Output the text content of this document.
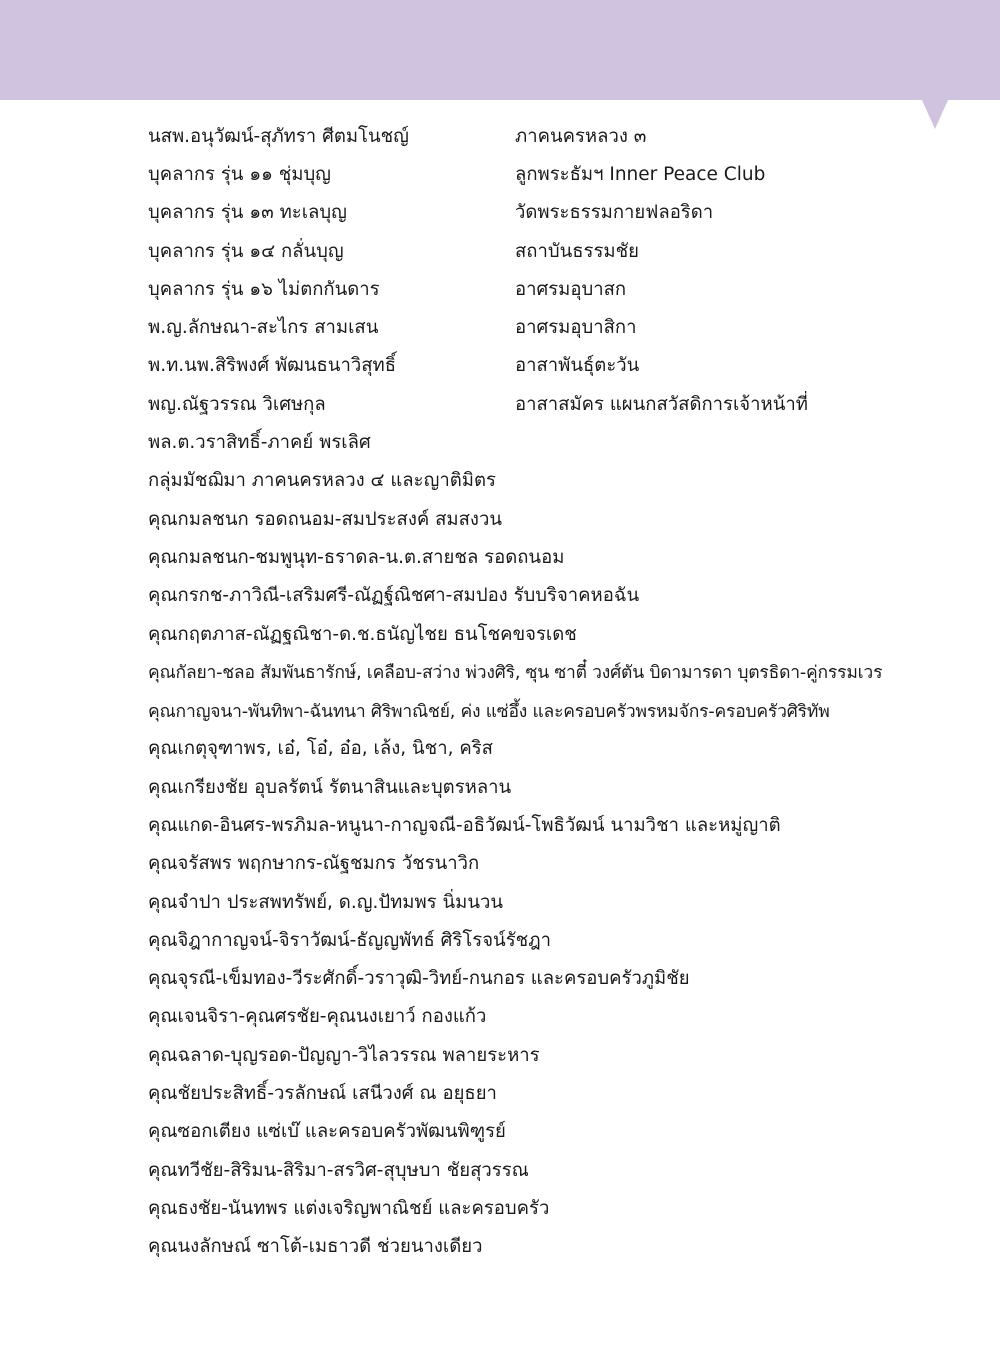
นสพ.อนุวัฒน์-สุภัทรา ศีตมโนชญ์	ภาคนครหลวง ๓
บุคลากร รุ่น ๑๑ ชุ่มบุญ	ลูกพระธัมฯ Inner Peace Club
บุคลากร รุ่น ๑๓ ทะเลบุญ	วัดพระธรรมกายฟลอริดา
บุคลากร รุ่น ๑๔ กลั่นบุญ	สถาบันธรรมชัย
บุคลากร รุ่น ๑๖ ไม่ตกกันดาร	อาศรมอุบาสก
พ.ญ.ลักษณา-สะไกร สามเสน	อาศรมอุบาสิกา
พ.ท.นพ.สิริพงศ์ พัฒนธนาวิสุทธิ์	อาสาพันธุ์ตะวัน
พญ.ณัฐวรรณ วิเศษกุล	อาสาสมัคร แผนกสวัสดิการเจ้าหน้าที่
พล.ต.วราสิทธิ์-ภาคย์ พรเลิศ
กลุ่มมัชฌิมา ภาคนครหลวง ๔ และญาติมิตร
คุณกมลชนก รอดถนอม-สมประสงค์ สมสงวน
คุณกมลชนก-ชมพูนุท-ธราดล-น.ต.สายชล รอดถนอม
คุณกรกช-ภาวิณี-เสริมศรี-ณัฏฐ์ณิชศา-สมปอง รับบริจาคหอฉัน
คุณกฤตภาส-ณัฏฐณิชา-ด.ช.ธนัญไชย ธนโชคขจรเดช
คุณกัลยา-ชลอ สัมพันธารักษ์, เคลือบ-สว่าง พ่วงศิริ, ซุน ซาตี๋ วงศ์ตัน บิดามารดา บุตรธิดา-คู่กรรมเวร
คุณกาญจนา-พันทิพา-ฉันทนา ศิริพาณิชย์, ค่ง แซ่อึ้ง และครอบครัวพรหมจักร-ครอบครัวศิริทัพ
คุณเกตุจุฑาพร, เอ๋, โอ๋, อ๋อ, เล้ง, นิชา, คริส
คุณเกรียงชัย อุบลรัตน์ รัตนาสินและบุตรหลาน
คุณแกด-อินศร-พรภิมล-หนูนา-กาญจณี-อธิวัฒน์-โพธิวัฒน์ นามวิชา และหมู่ญาติ
คุณจรัสพร พฤกษากร-ณัฐชมกร วัชรนาวิก
คุณจำปา ประสพทรัพย์, ด.ญ.ปัทมพร นิ่มนวน
คุณจิฎากาญจน์-จิราวัฒน์-ธัญญพัทธ์ ศิริโรจน์รัชฎา
คุณจุรณี-เข็มทอง-วีระศักดิ์-วราวุฒิ-วิทย์-กนกอร และครอบครัวภูมิชัย
คุณเจนจิรา-คุณศรชัย-คุณนงเยาว์ กองแก้ว
คุณฉลาด-บุญรอด-ปัญญา-วิไลวรรณ พลายระหาร
คุณชัยประสิทธิ์-วรลักษณ์ เสนีวงศ์ ณ อยุธยา
คุณซอกเตียง แซ่เบ๊ และครอบครัวพัฒนพิฑูรย์
คุณทวีชัย-สิริมน-สิริมา-สรวิศ-สุบุษบา ชัยสุวรรณ
คุณธงชัย-นันทพร แต่งเจริญพาณิชย์ และครอบครัว
คุณนงลักษณ์ ซาโต้-เมธาวดี ช่วยนางเดียว
